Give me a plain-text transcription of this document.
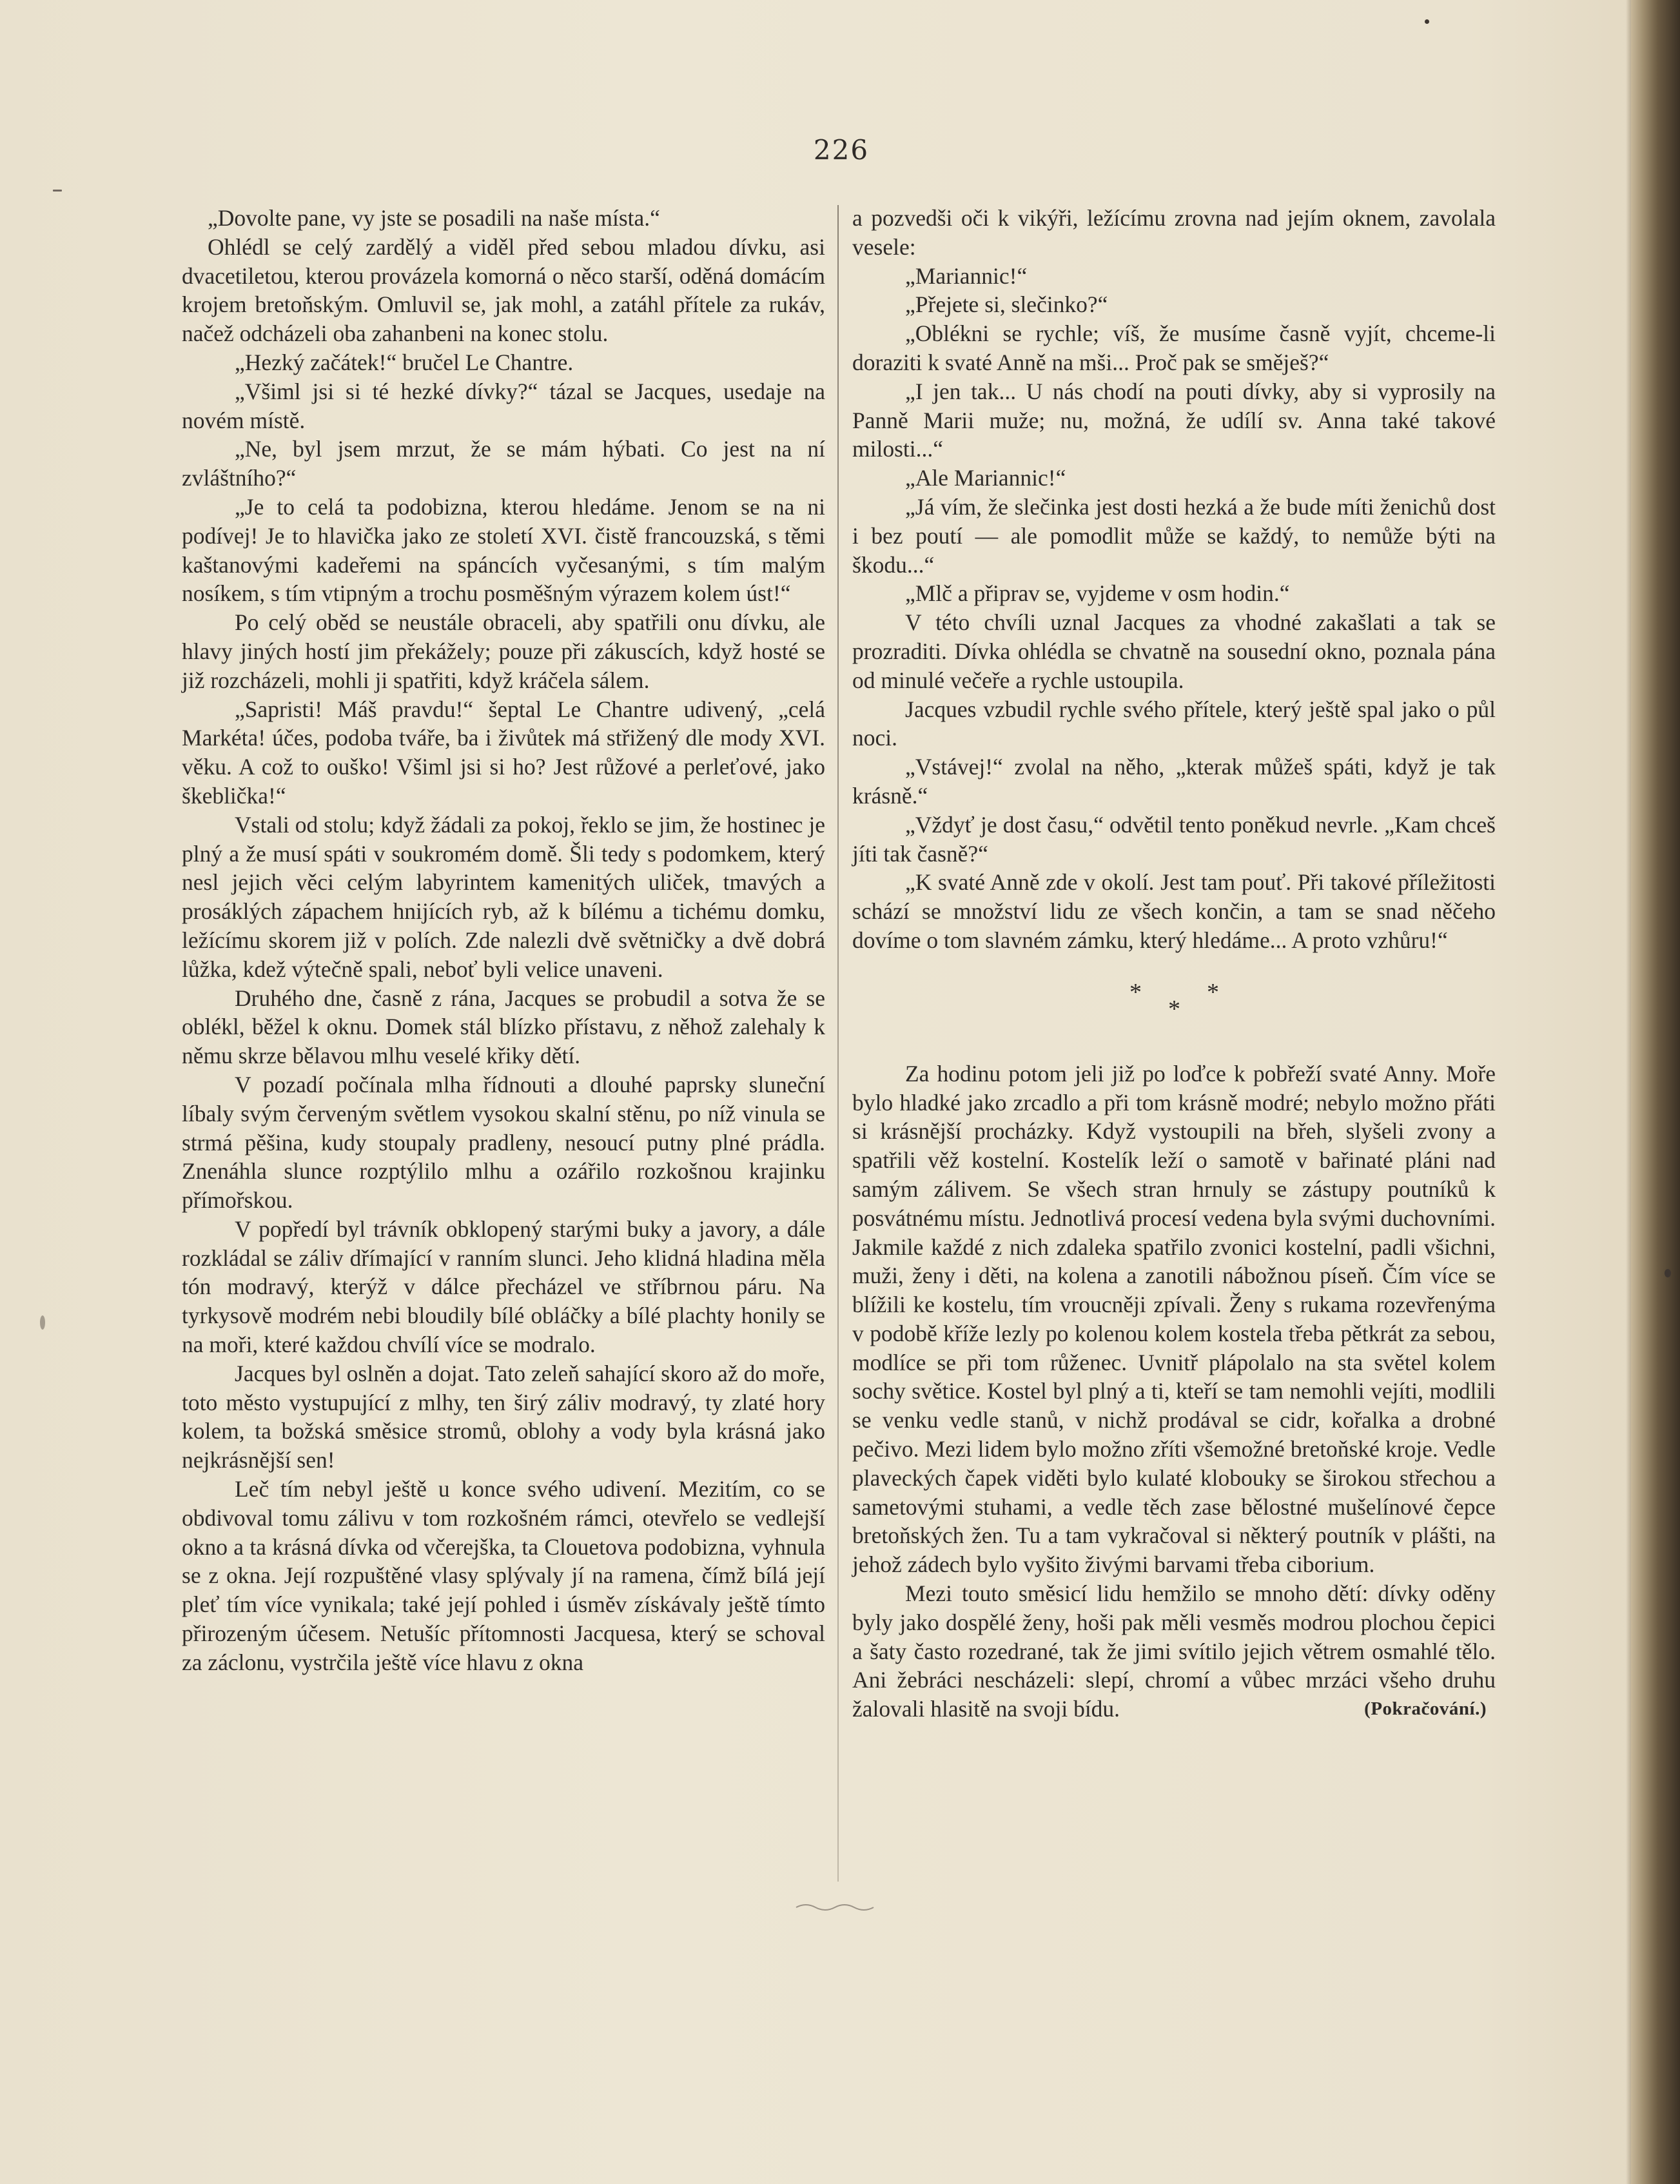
226

„Dovolte pane, vy jste se posadili na naše místa.“

Ohlédl se celý zardělý a viděl před sebou mladou dívku, asi dvacetiletou, kterou provázela komorná o něco starší, oděná domácím krojem bretoňským. Omluvil se, jak mohl, a zatáhl přítele za rukáv, načež odcházeli oba zahanbeni na konec stolu.

„Hezký začátek!“ bručel Le Chantre.

„Všiml jsi si té hezké dívky?“ tázal se Jacques, usedaje na novém místě.

„Ne, byl jsem mrzut, že se mám hýbati. Co jest na ní zvláštního?“

„Je to celá ta podobizna, kterou hledáme. Jenom se na ni podívej! Je to hlavička jako ze století XVI. čistě francouzská, s těmi kaštanovými kadeřemi na spáncích vyčesanými, s tím malým nosíkem, s tím vtipným a trochu posměšným výrazem kolem úst!“

Po celý oběd se neustále obraceli, aby spatřili onu dívku, ale hlavy jiných hostí jim překážely; pouze při zákuscích, když hosté se již rozcházeli, mohli ji spatřiti, když kráčela sálem.

„Sapristi! Máš pravdu!“ šeptal Le Chantre udivený, „celá Markéta! účes, podoba tváře, ba i živůtek má střižený dle mody XVI. věku. A což to ouško! Všiml jsi si ho? Jest růžové a perleťové, jako škeblička!“

Vstali od stolu; když žádali za pokoj, řeklo se jim, že hostinec je plný a že musí spáti v soukromém domě. Šli tedy s podomkem, který nesl jejich věci celým labyrintem kamenitých uliček, tmavých a prosáklých zápachem hnijících ryb, až k bílému a tichému domku, ležícímu skorem již v polích. Zde nalezli dvě světničky a dvě dobrá lůžka, kdež výtečně spali, neboť byli velice unaveni.

Druhého dne, časně z rána, Jacques se probudil a sotva že se oblékl, běžel k oknu. Domek stál blízko přístavu, z něhož zalehaly k němu skrze bělavou mlhu veselé křiky dětí.

V pozadí počínala mlha řídnouti a dlouhé paprsky sluneční líbaly svým červeným světlem vysokou skalní stěnu, po níž vinula se strmá pěšina, kudy stoupaly pradleny, nesoucí putny plné prádla. Znenáhla slunce rozptýlilo mlhu a ozářilo rozkošnou krajinku přímořskou.

V popředí byl trávník obklopený starými buky a javory, a dále rozkládal se záliv dřímající v ranním slunci. Jeho klidná hladina měla tón modravý, kterýž v dálce přecházel ve stříbrnou páru. Na tyrkysově modrém nebi bloudily bílé obláčky a bílé plachty honily se na moři, které každou chvílí více se modralo.

Jacques byl oslněn a dojat. Tato zeleň sahající skoro až do moře, toto město vystupující z mlhy, ten širý záliv modravý, ty zlaté hory kolem, ta božská směsice stromů, oblohy a vody byla krásná jako nejkrásnější sen!

Leč tím nebyl ještě u konce svého udivení. Mezitím, co se obdivoval tomu zálivu v tom rozkošném rámci, otevřelo se vedlejší okno a ta krásná dívka od včerejška, ta Clouetova podobizna, vyhnula se z okna. Její rozpuštěné vlasy splývaly jí na ramena, čímž bílá její pleť tím více vynikala; také její pohled i úsměv získávaly ještě tímto přirozeným účesem. Netušíc přítomnosti Jacquesa, který se schoval za záclonu, vystrčila ještě více hlavu z okna

a pozvedši oči k vikýři, ležícímu zrovna nad jejím oknem, zavolala vesele:

„Mariannic!“

„Přejete si, slečinko?“

„Oblékni se rychle; víš, že musíme časně vyjít, chceme-li doraziti k svaté Anně na mši... Proč pak se směješ?“

„I jen tak... U nás chodí na pouti dívky, aby si vyprosily na Panně Marii muže; nu, možná, že udílí sv. Anna také takové milosti...“

„Ale Mariannic!“

„Já vím, že slečinka jest dosti hezká a že bude míti ženichů dost i bez poutí — ale pomodlit může se každý, to nemůže býti na škodu...“

„Mlč a připrav se, vyjdeme v osm hodin.“

V této chvíli uznal Jacques za vhodné zakašlati a tak se prozraditi. Dívka ohlédla se chvatně na sousední okno, poznala pána od minulé večeře a rychle ustoupila.

Jacques vzbudil rychle svého přítele, který ještě spal jako o půl noci.

„Vstávej!“ zvolal na něho, „kterak můžeš spáti, když je tak krásně.“

„Vždyť je dost času,“ odvětil tento poněkud nevrle. „Kam chceš jíti tak časně?“

„K svaté Anně zde v okolí. Jest tam pouť. Při takové příležitosti schází se množství lidu ze všech končin, a tam se snad něčeho dovíme o tom slavném zámku, který hledáme... A proto vzhůru!“

*
*
*

Za hodinu potom jeli již po loďce k pobřeží svaté Anny. Moře bylo hladké jako zrcadlo a při tom krásně modré; nebylo možno přáti si krásnější procházky. Když vystoupili na břeh, slyšeli zvony a spatřili věž kostelní. Kostelík leží o samotě v bařinaté pláni nad samým zálivem. Se všech stran hrnuly se zástupy poutníků k posvátnému místu. Jednotlivá procesí vedena byla svými duchovními. Jakmile každé z nich zdaleka spatřilo zvonici kostelní, padli všichni, muži, ženy i děti, na kolena a zanotili nábožnou píseň. Čím více se blížili ke kostelu, tím vroucněji zpívali. Ženy s rukama rozevřenýma v podobě kříže lezly po kolenou kolem kostela třeba pětkrát za sebou, modlíce se při tom růženec. Uvnitř plápolalo na sta světel kolem sochy světice. Kostel byl plný a ti, kteří se tam nemohli vejíti, modlili se venku vedle stanů, v nichž prodával se cidr, kořalka a drobné pečivo. Mezi lidem bylo možno zříti všemožné bretoňské kroje. Vedle plaveckých čapek viděti bylo kulaté klobouky se širokou střechou a sametovými stuhami, a vedle těch zase bělostné mušelínové čepce bretoňských žen. Tu a tam vykračoval si některý poutník v plášti, na jehož zádech bylo vyšito živými barvami třeba ciborium.

Mezi touto směsicí lidu hemžilo se mnoho dětí: dívky oděny byly jako dospělé ženy, hoši pak měli vesměs modrou plochou čepici a šaty často rozedrané, tak že jimi svítilo jejich větrem osmahlé tělo. Ani žebráci nescházeli: slepí, chromí a vůbec mrzáci všeho druhu žalovali hlasitě na svoji bídu.	(Pokračování.)
